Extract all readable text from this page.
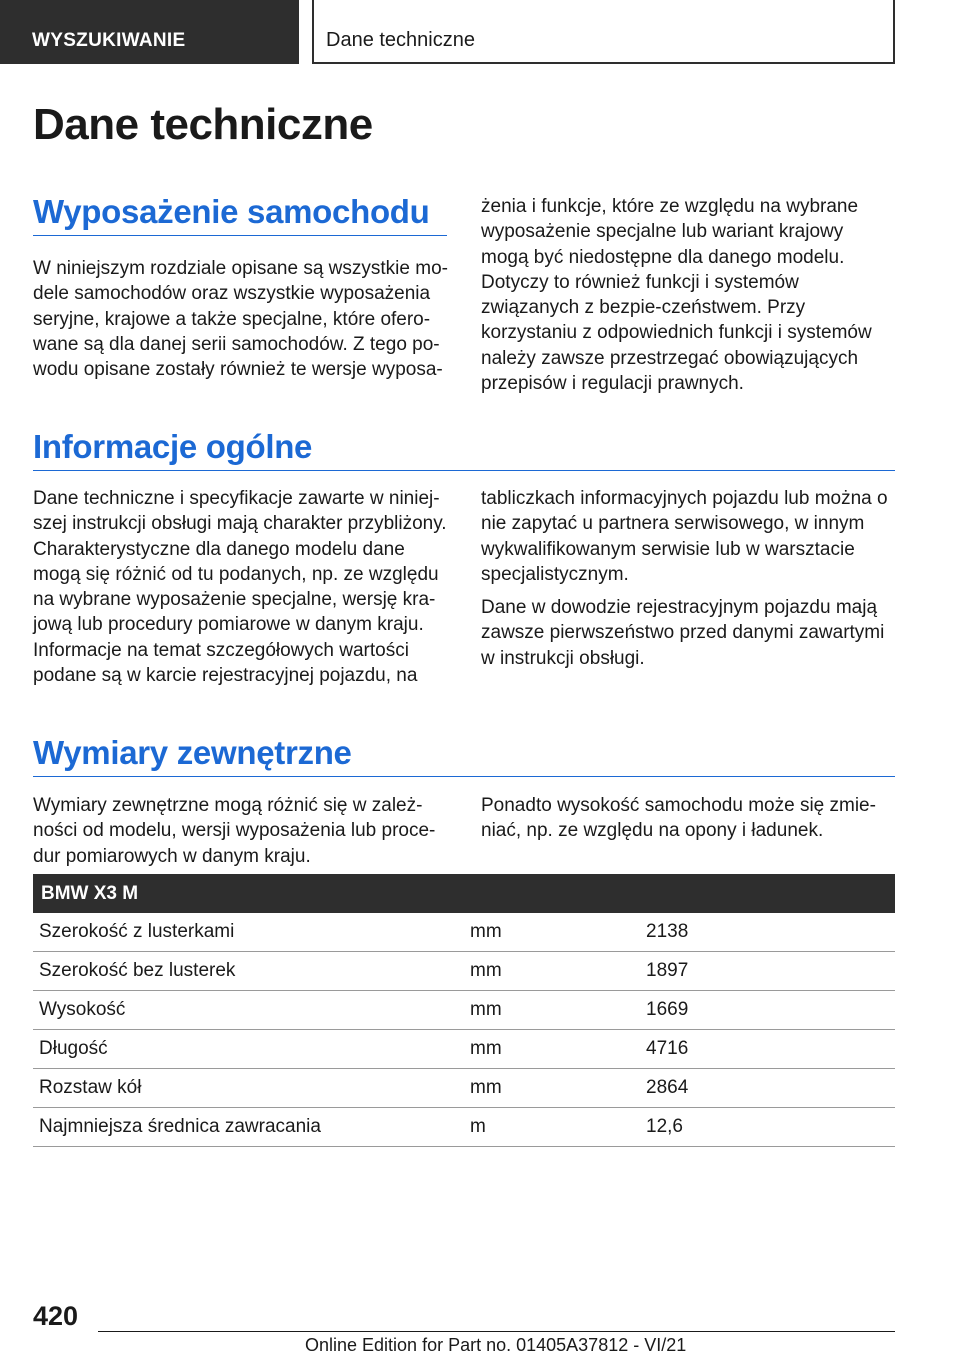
WYSZUKIWANIE	Dane techniczne
Dane techniczne
Wyposażenie samochodu

W niniejszym rozdziale opisane są wszystkie mo‐dele samochodów oraz wszystkie wyposażenia seryjne, krajowe a także specjalne, które ofero‐wane są dla danej serii samochodów. Z tego po‐wodu opisane zostały również te wersje wyposa‐

żenia i funkcje, które ze względu na wybrane wyposażenie specjalne lub wariant krajowy mogą być niedostępne dla danego modelu. Dotyczy to również funkcji i systemów związanych z bezpie‐czeństwem. Przy korzystaniu z odpowiednich funkcji i systemów należy zawsze przestrzegać obowiązujących przepisów i regulacji prawnych.

Informacje ogólne

Dane techniczne i specyfikacje zawarte w niniej‐szej instrukcji obsługi mają charakter przybliżony. Charakterystyczne dla danego modelu dane mogą się różnić od tu podanych, np. ze względu na wybrane wyposażenie specjalne, wersję kra‐jową lub procedury pomiarowe w danym kraju. Informacje na temat szczegółowych wartości podane są w karcie rejestracyjnej pojazdu, na

tabliczkach informacyjnych pojazdu lub można o nie zapytać u partnera serwisowego, w innym wykwalifikowanym serwisie lub w warsztacie specjalistycznym.

Dane w dowodzie rejestracyjnym pojazdu mają zawsze pierwszeństwo przed danymi zawartymi w instrukcji obsługi.

Wymiary zewnętrzne

Wymiary zewnętrzne mogą różnić się w zależ‐ności od modelu, wersji wyposażenia lub proce‐dur pomiarowych w danym kraju.

Ponadto wysokość samochodu może się zmie‐niać, np. ze względu na opony i ładunek.

BMW X3 M		
Szerokość z lusterkami	mm	2138
Szerokość bez lusterek	mm	1897
Wysokość	mm	1669
Długość	mm	4716
Rozstaw kół	mm	2864
Najmniejsza średnica zawracania	m	12,6
420
Online Edition for Part no. 01405A37812 - VI/21
